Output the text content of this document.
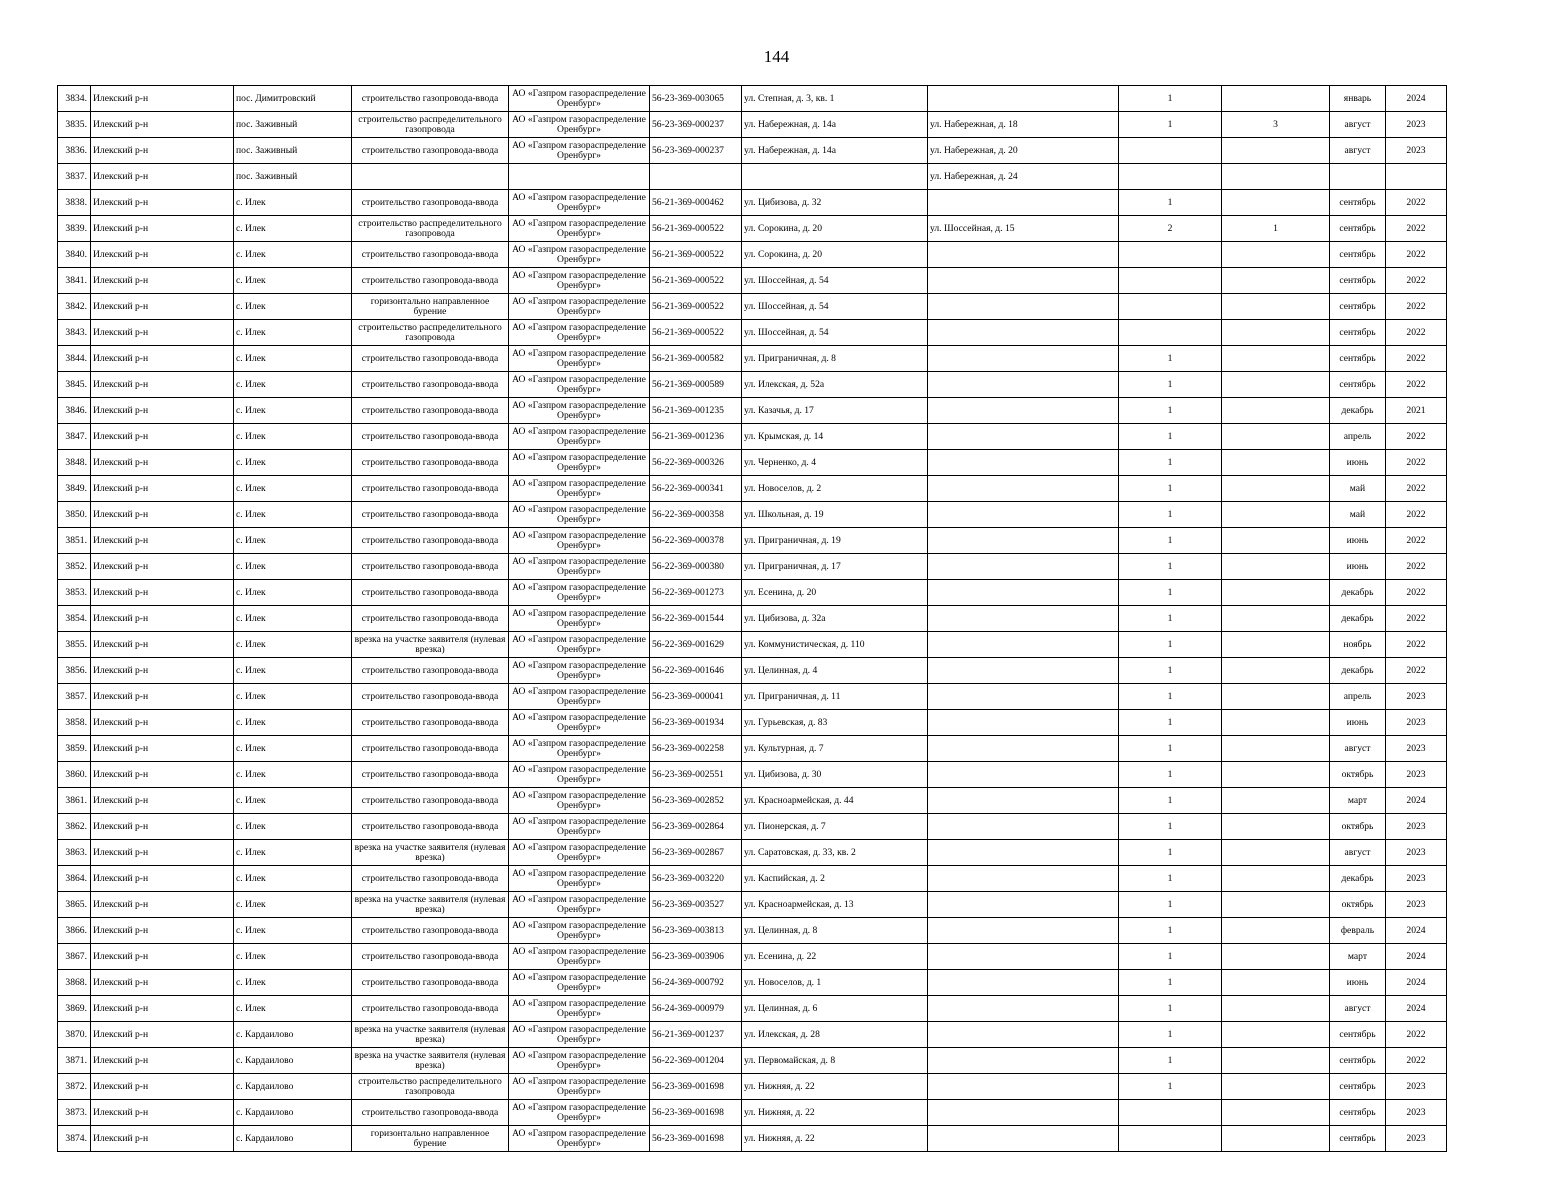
144
3834.	Илекский р-н	пос. Димитровский	строительство газопровода-ввода	АО «Газпром газораспределение Оренбург»	56-23-369-003065	ул. Степная, д. 3, кв. 1		1		январь	2024
3835.	Илекский р-н	пос. Заживный	строительство распределительного газопровода	АО «Газпром газораспределение Оренбург»	56-23-369-000237	ул. Набережная, д. 14а	ул. Набережная, д. 18	1	3	август	2023
3836.	Илекский р-н	пос. Заживный	строительство газопровода-ввода	АО «Газпром газораспределение Оренбург»	56-23-369-000237	ул. Набережная, д. 14а	ул. Набережная, д. 20			август	2023
3837.	Илекский р-н	пос. Заживный					ул. Набережная, д. 24				
3838.	Илекский р-н	с. Илек	строительство газопровода-ввода	АО «Газпром газораспределение Оренбург»	56-21-369-000462	ул. Цибизова, д. 32		1		сентябрь	2022
3839.	Илекский р-н	с. Илек	строительство распределительного газопровода	АО «Газпром газораспределение Оренбург»	56-21-369-000522	ул. Сорокина, д. 20	ул. Шоссейная, д. 15	2	1	сентябрь	2022
3840.	Илекский р-н	с. Илек	строительство газопровода-ввода	АО «Газпром газораспределение Оренбург»	56-21-369-000522	ул. Сорокина, д. 20				сентябрь	2022
3841.	Илекский р-н	с. Илек	строительство газопровода-ввода	АО «Газпром газораспределение Оренбург»	56-21-369-000522	ул. Шоссейная, д. 54				сентябрь	2022
3842.	Илекский р-н	с. Илек	горизонтально направленное бурение	АО «Газпром газораспределение Оренбург»	56-21-369-000522	ул. Шоссейная, д. 54				сентябрь	2022
3843.	Илекский р-н	с. Илек	строительство распределительного газопровода	АО «Газпром газораспределение Оренбург»	56-21-369-000522	ул. Шоссейная, д. 54				сентябрь	2022
3844.	Илекский р-н	с. Илек	строительство газопровода-ввода	АО «Газпром газораспределение Оренбург»	56-21-369-000582	ул. Приграничная, д. 8		1		сентябрь	2022
3845.	Илекский р-н	с. Илек	строительство газопровода-ввода	АО «Газпром газораспределение Оренбург»	56-21-369-000589	ул. Илекская, д. 52а		1		сентябрь	2022
3846.	Илекский р-н	с. Илек	строительство газопровода-ввода	АО «Газпром газораспределение Оренбург»	56-21-369-001235	ул. Казачья, д. 17		1		декабрь	2021
3847.	Илекский р-н	с. Илек	строительство газопровода-ввода	АО «Газпром газораспределение Оренбург»	56-21-369-001236	ул. Крымская, д. 14		1		апрель	2022
3848.	Илекский р-н	с. Илек	строительство газопровода-ввода	АО «Газпром газораспределение Оренбург»	56-22-369-000326	ул. Черненко, д. 4		1		июнь	2022
3849.	Илекский р-н	с. Илек	строительство газопровода-ввода	АО «Газпром газораспределение Оренбург»	56-22-369-000341	ул. Новоселов, д. 2		1		май	2022
3850.	Илекский р-н	с. Илек	строительство газопровода-ввода	АО «Газпром газораспределение Оренбург»	56-22-369-000358	ул. Школьная, д. 19		1		май	2022
3851.	Илекский р-н	с. Илек	строительство газопровода-ввода	АО «Газпром газораспределение Оренбург»	56-22-369-000378	ул. Приграничная, д. 19		1		июнь	2022
3852.	Илекский р-н	с. Илек	строительство газопровода-ввода	АО «Газпром газораспределение Оренбург»	56-22-369-000380	ул. Приграничная, д. 17		1		июнь	2022
3853.	Илекский р-н	с. Илек	строительство газопровода-ввода	АО «Газпром газораспределение Оренбург»	56-22-369-001273	ул. Есенина, д. 20		1		декабрь	2022
3854.	Илекский р-н	с. Илек	строительство газопровода-ввода	АО «Газпром газораспределение Оренбург»	56-22-369-001544	ул. Цибизова, д. 32а		1		декабрь	2022
3855.	Илекский р-н	с. Илек	врезка на участке заявителя (нулевая врезка)	АО «Газпром газораспределение Оренбург»	56-22-369-001629	ул. Коммунистическая, д. 110		1		ноябрь	2022
3856.	Илекский р-н	с. Илек	строительство газопровода-ввода	АО «Газпром газораспределение Оренбург»	56-22-369-001646	ул. Целинная, д. 4		1		декабрь	2022
3857.	Илекский р-н	с. Илек	строительство газопровода-ввода	АО «Газпром газораспределение Оренбург»	56-23-369-000041	ул. Приграничная, д. 11		1		апрель	2023
3858.	Илекский р-н	с. Илек	строительство газопровода-ввода	АО «Газпром газораспределение Оренбург»	56-23-369-001934	ул. Гурьевская, д. 83		1		июнь	2023
3859.	Илекский р-н	с. Илек	строительство газопровода-ввода	АО «Газпром газораспределение Оренбург»	56-23-369-002258	ул. Культурная, д. 7		1		август	2023
3860.	Илекский р-н	с. Илек	строительство газопровода-ввода	АО «Газпром газораспределение Оренбург»	56-23-369-002551	ул. Цибизова, д. 30		1		октябрь	2023
3861.	Илекский р-н	с. Илек	строительство газопровода-ввода	АО «Газпром газораспределение Оренбург»	56-23-369-002852	ул. Красноармейская, д. 44		1		март	2024
3862.	Илекский р-н	с. Илек	строительство газопровода-ввода	АО «Газпром газораспределение Оренбург»	56-23-369-002864	ул. Пионерская, д. 7		1		октябрь	2023
3863.	Илекский р-н	с. Илек	врезка на участке заявителя (нулевая врезка)	АО «Газпром газораспределение Оренбург»	56-23-369-002867	ул. Саратовская, д. 33, кв. 2		1		август	2023
3864.	Илекский р-н	с. Илек	строительство газопровода-ввода	АО «Газпром газораспределение Оренбург»	56-23-369-003220	ул. Каспийская, д. 2		1		декабрь	2023
3865.	Илекский р-н	с. Илек	врезка на участке заявителя (нулевая врезка)	АО «Газпром газораспределение Оренбург»	56-23-369-003527	ул. Красноармейская, д. 13		1		октябрь	2023
3866.	Илекский р-н	с. Илек	строительство газопровода-ввода	АО «Газпром газораспределение Оренбург»	56-23-369-003813	ул. Целинная, д. 8		1		февраль	2024
3867.	Илекский р-н	с. Илек	строительство газопровода-ввода	АО «Газпром газораспределение Оренбург»	56-23-369-003906	ул. Есенина, д. 22		1		март	2024
3868.	Илекский р-н	с. Илек	строительство газопровода-ввода	АО «Газпром газораспределение Оренбург»	56-24-369-000792	ул. Новоселов, д. 1		1		июнь	2024
3869.	Илекский р-н	с. Илек	строительство газопровода-ввода	АО «Газпром газораспределение Оренбург»	56-24-369-000979	ул. Целинная, д. 6		1		август	2024
3870.	Илекский р-н	с. Кардаилово	врезка на участке заявителя (нулевая врезка)	АО «Газпром газораспределение Оренбург»	56-21-369-001237	ул. Илекская, д. 28		1		сентябрь	2022
3871.	Илекский р-н	с. Кардаилово	врезка на участке заявителя (нулевая врезка)	АО «Газпром газораспределение Оренбург»	56-22-369-001204	ул. Первомайская, д. 8		1		сентябрь	2022
3872.	Илекский р-н	с. Кардаилово	строительство распределительного газопровода	АО «Газпром газораспределение Оренбург»	56-23-369-001698	ул. Нижняя, д. 22		1		сентябрь	2023
3873.	Илекский р-н	с. Кардаилово	строительство газопровода-ввода	АО «Газпром газораспределение Оренбург»	56-23-369-001698	ул. Нижняя, д. 22				сентябрь	2023
3874.	Илекский р-н	с. Кардаилово	горизонтально направленное бурение	АО «Газпром газораспределение Оренбург»	56-23-369-001698	ул. Нижняя, д. 22				сентябрь	2023
